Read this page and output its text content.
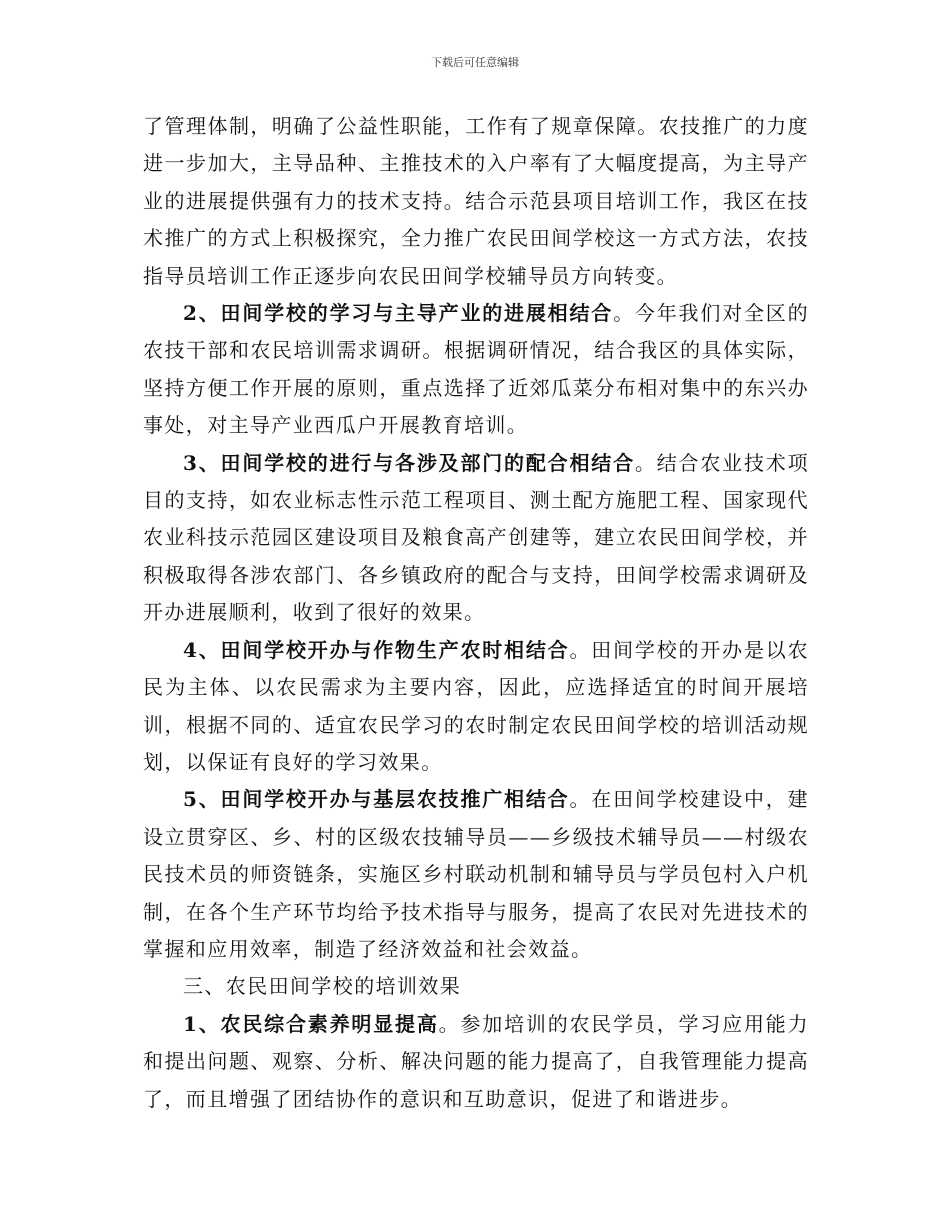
下载后可任意编辑

了管理体制，明确了公益性职能，工作有了规章保障。农技推广的力度进一步加大，主导品种、主推技术的入户率有了大幅度提高，为主导产业的进展提供强有力的技术支持。结合示范县项目培训工作，我区在技术推广的方式上积极探究，全力推广农民田间学校这一方式方法，农技指导员培训工作正逐步向农民田间学校辅导员方向转变。

2、田间学校的学习与主导产业的进展相结合。今年我们对全区的农技干部和农民培训需求调研。根据调研情况，结合我区的具体实际，坚持方便工作开展的原则，重点选择了近郊瓜菜分布相对集中的东兴办事处，对主导产业西瓜户开展教育培训。

3、田间学校的进行与各涉及部门的配合相结合。结合农业技术项目的支持，如农业标志性示范工程项目、测土配方施肥工程、国家现代农业科技示范园区建设项目及粮食高产创建等，建立农民田间学校，并积极取得各涉农部门、各乡镇政府的配合与支持，田间学校需求调研及开办进展顺利，收到了很好的效果。

4、田间学校开办与作物生产农时相结合。田间学校的开办是以农民为主体、以农民需求为主要内容，因此，应选择适宜的时间开展培训，根据不同的、适宜农民学习的农时制定农民田间学校的培训活动规划，以保证有良好的学习效果。

5、田间学校开办与基层农技推广相结合。在田间学校建设中，建设立贯穿区、乡、村的区级农技辅导员——乡级技术辅导员——村级农民技术员的师资链条，实施区乡村联动机制和辅导员与学员包村入户机制，在各个生产环节均给予技术指导与服务，提高了农民对先进技术的掌握和应用效率，制造了经济效益和社会效益。

三、农民田间学校的培训效果

1、农民综合素养明显提高。参加培训的农民学员，学习应用能力和提出问题、观察、分析、解决问题的能力提高了，自我管理能力提高了，而且增强了团结协作的意识和互助意识，促进了和谐进步。
